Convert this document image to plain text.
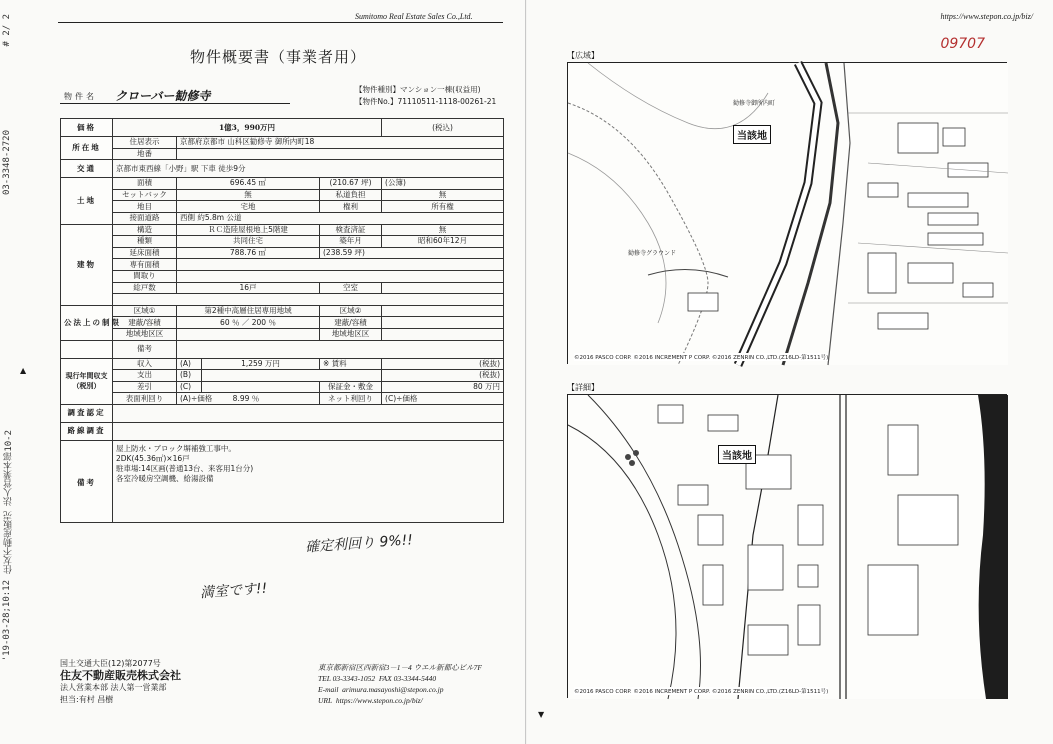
# 2/ 2
03-3348-2720
▲
住友不動産販売 法人営業本部10-2
'19-03-28;10:12
Sumitomo Real Estate Sales Co.,Ltd.
物件概要書（事業者用）
物件名 クローバー勧修寺	【物件種別】マンション一棟(収益用)
【物件No.】71110511-1118-00261-21
価格	1億3，990万円				(税込)
所在地	住居表示	京都府京都市 山科区勧修寺 御所内町18			
	地番				
交通	京都市東西線「小野」駅 下車 徒歩9分				
土地	面積	696.45 ㎡		(210.67 坪)	(公簿)
	セットバック	無		私道負担	無
	地目	宅地		権利	所有権
	接面道路	西側 約5.8m 公道			
建物	構造	ＲＣ造陸屋根地上5階建		検査済証	無
	種類	共同住宅		築年月	昭和60年12月
	延床面積	788.76 ㎡		(238.59 坪)	
	専有面積				
	間取り				
	総戸数	16戸		空室	

公法上の制限	区域①	第2種中高層住居専用地域		区域②	
	建蔽/容積	60 ％ ／ 200 ％		建蔽/容積	
	地域地区区			地域地区区	
	備考				
現行年間収支（税別）	収入	(A)	1,259 万円	※ 賃料	(税抜)
	支出	(B)			(税抜)
	差引	(C)		保証金・敷金	80 万円
	表面利回り	(A)÷価格 8.99 ％		ネット利回り	(C)÷価格
調査認定					
路線調査					
備考	屋上防水・ブロック塀補強工事中。
2DK(45.36㎡)×16戸
駐車場:14区画(普通13台、来客用1台分)
各室冷暖房空調機、給湯設備				
確定利回り 9%!!
満室です!!
国土交通大臣(12)第2077号
住友不動産販売株式会社
法人営業本部 法人第一営業部
担当:有村 昌樹
東京都新宿区西新宿3－1－4 ウエル新都心ビル7F
TEL 03-3343-1052 FAX 03-3344-5440
E-mail arimura.masayoshi@stepon.co.jp
URL https://www.stepon.co.jp/biz/
https://www.stepon.co.jp/biz/
09707
【広域】
勧修寺グラウンド
勧修寺御所内町
当該地
©2016 PASCO CORP. ©2016 INCREMENT P CORP. ©2016 ZENRIN CO.,LTD.(Z16LD-第1511号)
【詳細】
当該地
©2016 PASCO CORP. ©2016 INCREMENT P CORP. ©2016 ZENRIN CO.,LTD.(Z16LD-第1511号)
▼
